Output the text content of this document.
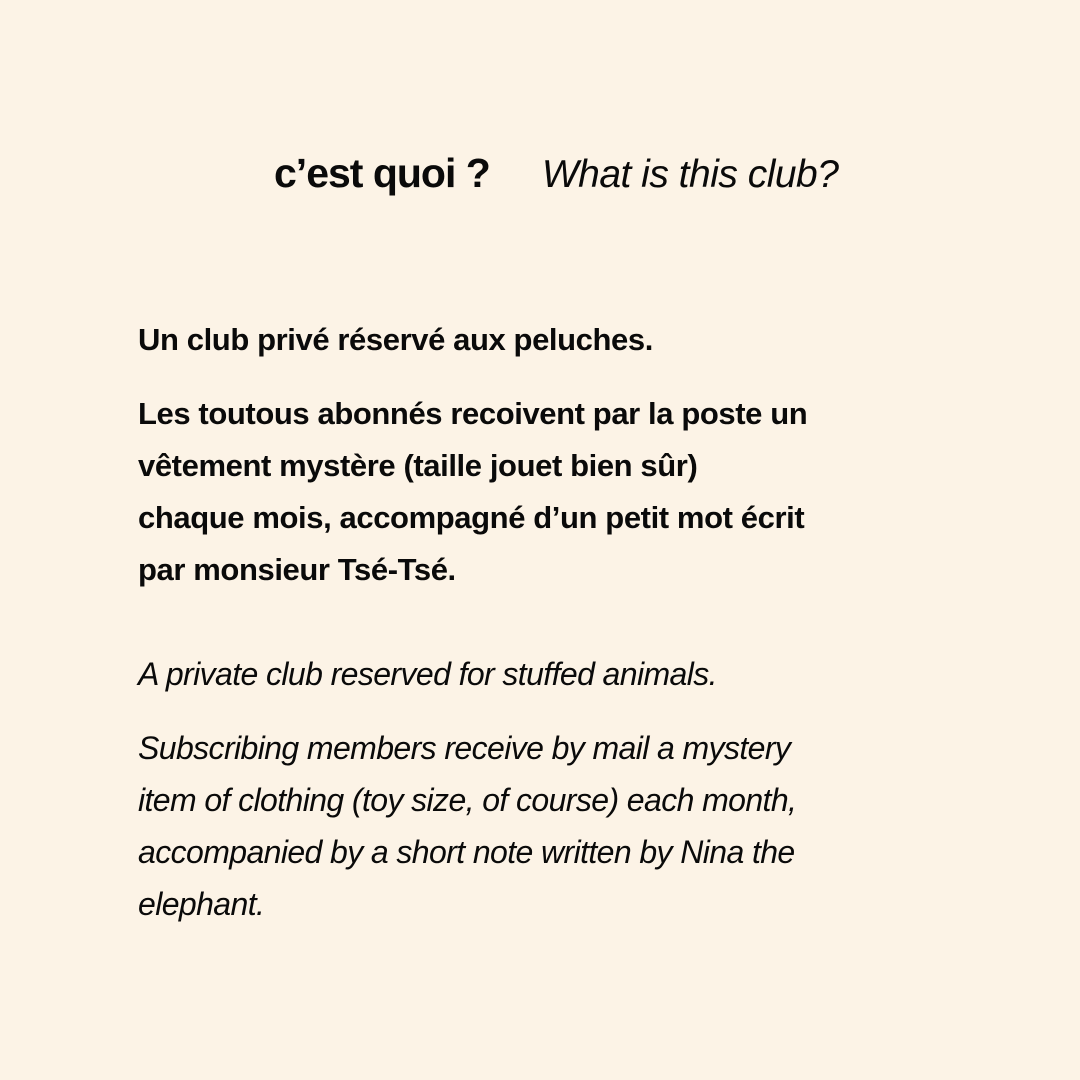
c’est quoi ? What is this club?

Un club privé réservé aux peluches.

Les toutous abonnés recoivent par la poste un

vêtement mystère (taille jouet bien sûr)

chaque mois, accompagné d’un petit mot écrit

par monsieur Tsé-Tsé.

A private club reserved for stuffed animals.

Subscribing members receive by mail a mystery

item of clothing (toy size, of course) each month,

accompanied by a short note written by Nina the

elephant.
